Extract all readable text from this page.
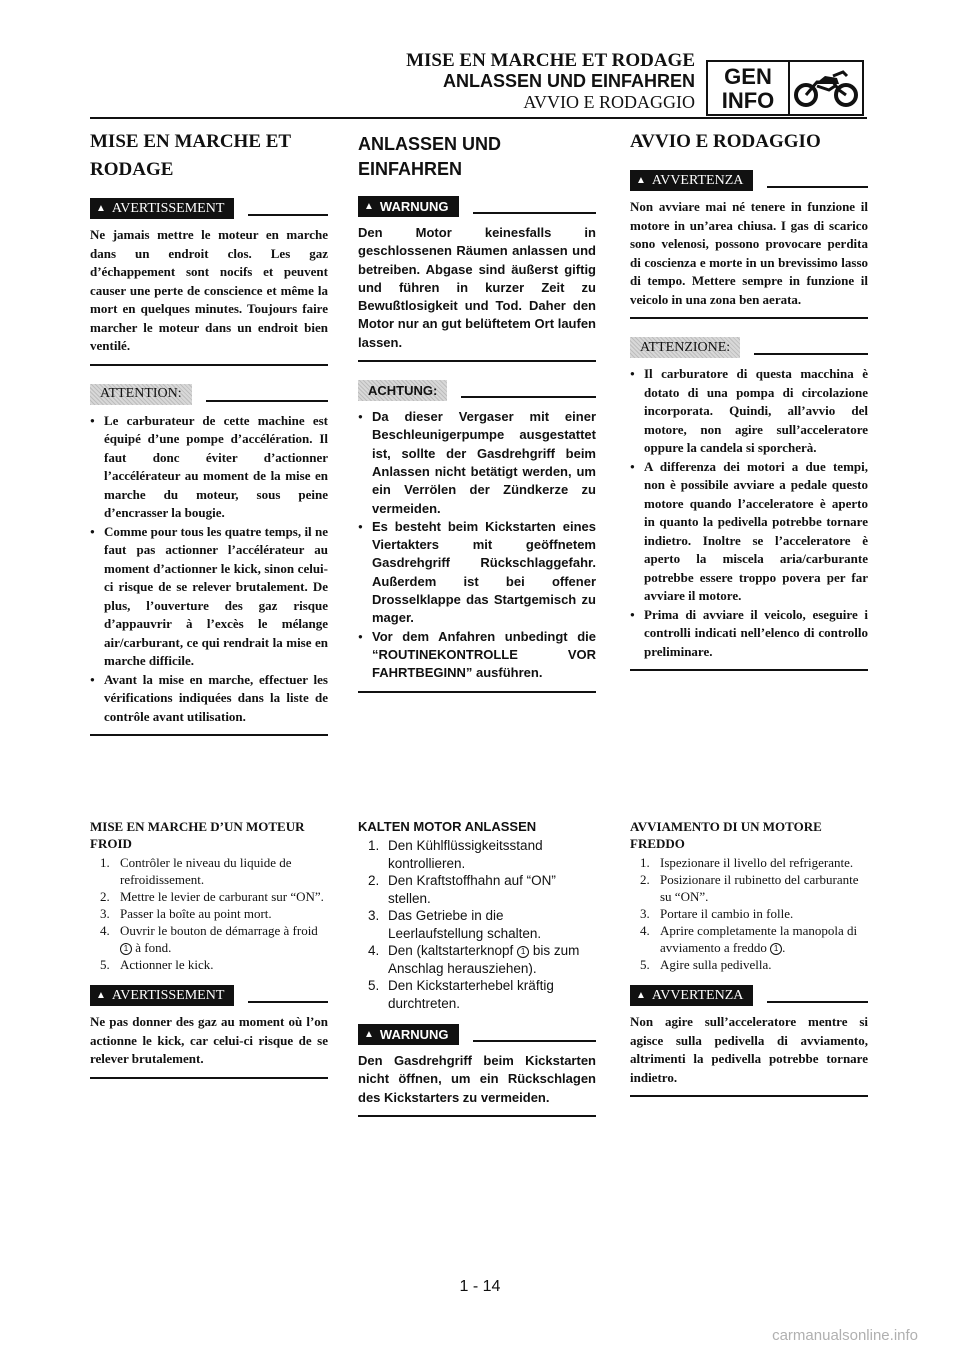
MISE EN MARCHE ET RODAGE
ANLASSEN UND EINFAHREN
AVVIO E RODAGGIO
GEN
INFO
MISE EN MARCHE ET RODAGE
▲ AVERTISSEMENT
Ne jamais mettre le moteur en marche dans un endroit clos. Les gaz d’échappement sont nocifs et peuvent causer une perte de conscience et même la mort en quelques minutes. Toujours faire marcher le moteur dans un endroit bien ventilé.
ATTENTION:
● Le carburateur de cette machine est équipé d’une pompe d’accélération. Il faut donc éviter d’actionner l’accélérateur au moment de la mise en marche du moteur, sous peine d’encrasser la bougie.
● Comme pour tous les quatre temps, il ne faut pas actionner l’accélérateur au moment d’actionner le kick, sinon celui-ci risque de se relever brutalement. De plus, l’ouverture des gaz risque d’appauvrir à l’excès le mélange air/carburant, ce qui rendrait la mise en marche difficile.
● Avant la mise en marche, effectuer les vérifications indiquées dans la liste de contrôle avant utilisation.
ANLASSEN UND EINFAHREN
▲ WARNUNG
Den Motor keinesfalls in geschlossenen Räumen anlassen und betreiben. Abgase sind äußerst giftig und führen in kurzer Zeit zu Bewußtlosigkeit und Tod. Daher den Motor nur an gut belüftetem Ort laufen lassen.
ACHTUNG:
● Da dieser Vergaser mit einer Beschleunigerpumpe ausgestattet ist, sollte der Gasdrehgriff beim Anlassen nicht betätigt werden, um ein Verrölen der Zündkerze zu vermeiden.
● Es besteht beim Kickstarten eines Viertakters mit geöffnetem Gasdrehgriff Rückschlaggefahr. Außerdem ist bei offener Drosselklappe das Startgemisch zu mager.
● Vor dem Anfahren unbedingt die “ROUTINEKONTROLLE VOR FAHRTBEGINN” ausführen.
AVVIO E RODAGGIO
▲ AVVERTENZA
Non avviare mai né tenere in funzione il motore in un’area chiusa. I gas di scarico sono velenosi, possono provocare perdita di coscienza e morte in un brevissimo lasso di tempo. Mettere sempre in funzione il veicolo in una zona ben aerata.
ATTENZIONE:
● Il carburatore di questa macchina è dotato di una pompa di circolazione incorporata. Quindi, all’avvio del motore, non agire sull’acceleratore oppure la candela si sporcherà.
● A differenza dei motori a due tempi, non è possibile avviare a pedale questo motore quando l’acceleratore è aperto in quanto la pedivella potrebbe tornare indietro. Inoltre se l’acceleratore è aperto la miscela aria/carburante potrebbe essere troppo povera per far avviare il motore.
● Prima di avviare il veicolo, eseguire i controlli indicati nell’elenco di controllo preliminare.
MISE EN MARCHE D’UN MOTEUR FROID
1. Contrôler le niveau du liquide de refroidissement.
2. Mettre le levier de carburant sur “ON”.
3. Passer la boîte au point mort.
4. Ouvrir le bouton de démarrage à froid 1 à fond.
5. Actionner le kick.
▲ AVERTISSEMENT
Ne pas donner des gaz au moment où l’on actionne le kick, car celui-ci risque de se relever brutalement.
KALTEN MOTOR ANLASSEN
1. Den Kühlflüssigkeitsstand kontrollieren.
2. Den Kraftstoffhahn auf “ON” stellen.
3. Das Getriebe in die Leerlaufstellung schalten.
4. Den (kaltstarterknopf 1 bis zum Anschlag herausziehen).
5. Den Kickstarterhebel kräftig durchtreten.
▲ WARNUNG
Den Gasdrehgriff beim Kickstarten nicht öffnen, um ein Rückschlagen des Kickstarters zu vermeiden.
AVVIAMENTO DI UN MOTORE FREDDO
1. Ispezionare il livello del refrigerante.
2. Posizionare il rubinetto del carburante su “ON”.
3. Portare il cambio in folle.
4. Aprire completamente la manopola di avviamento a freddo 1 .
5. Agire sulla pedivella.
▲ AVVERTENZA
Non agire sull’acceleratore mentre si agisce sulla pedivella di avviamento, altrimenti la pedivella potrebbe tornare indietro.
1 - 14
carmanualsonline.info
